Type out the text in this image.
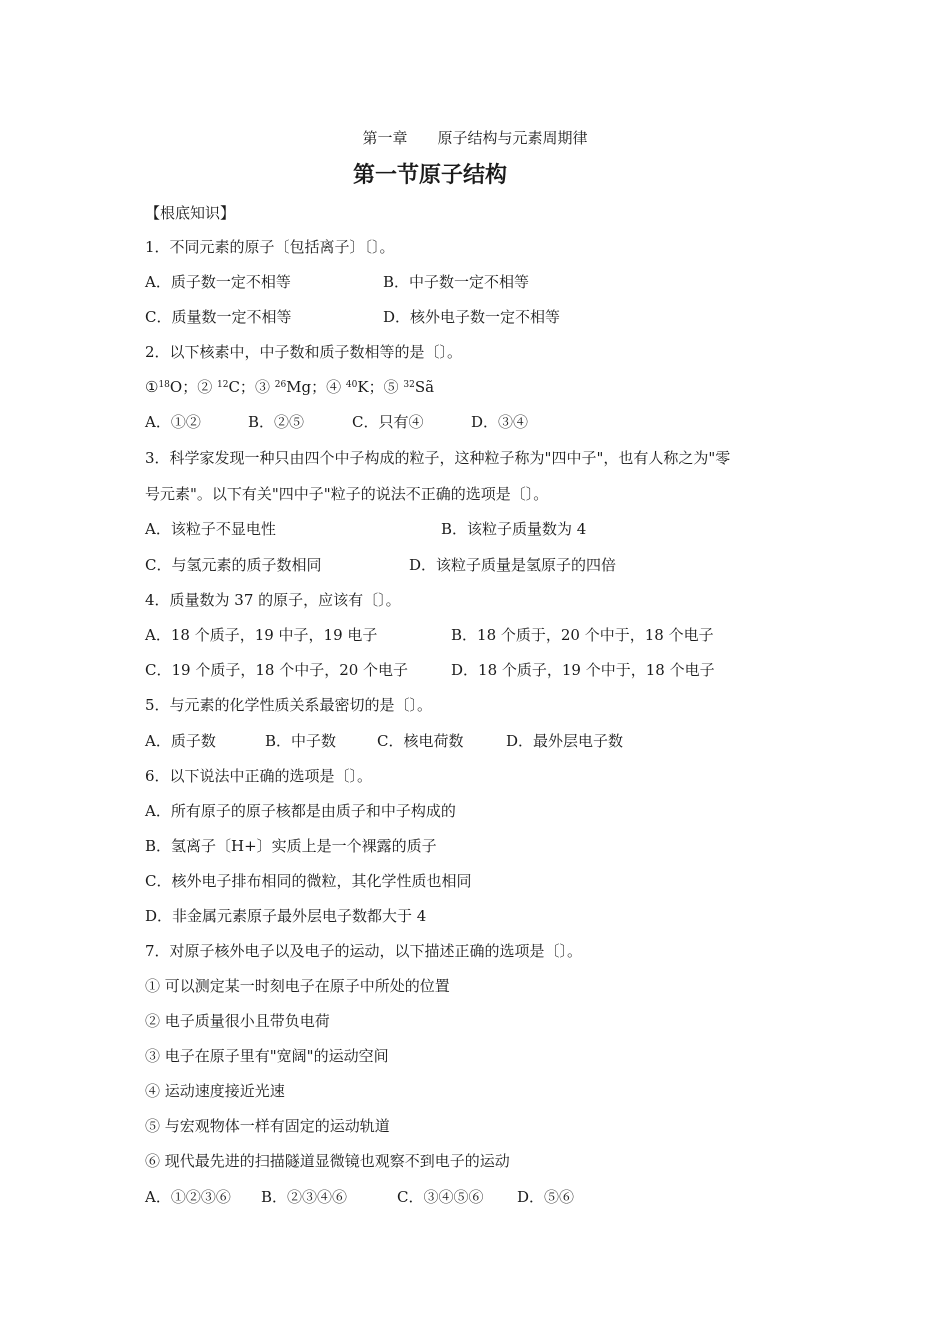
第一章 原子结构与元素周期律
第一节原子结构
【根底知识】
1．不同元素的原子〔包括离子〕〔〕。
A．质子数一定不相等	B．中子数一定不相等
C．质量数一定不相等	D．核外电子数一定不相等
2．以下核素中，中子数和质子数相等的是〔〕。
①$^{18}$O；② $^{12}$C；③ $^{26}$Mg；④ $^{40}$K；⑤ $^{32}$Sã
A．①②	B．②⑤	C．只有④	D．③④
3．科学家发现一种只由四个中子构成的粒子，这种粒子称为"四中子"，也有人称之为"零
号元素"。以下有关"四中子"粒子的说法不正确的选项是〔〕。
A．该粒子不显电性	B．该粒子质量数为 4
C．与氢元素的质子数相同	D．该粒子质量是氢原子的四倍
4．质量数为 37 的原子，应该有〔〕。
A．18 个质子，19 中子，19 电子	B．18 个质于，20 个中于，18 个电子
C．19 个质子，18 个中子，20 个电子	D．18 个质子，19 个中于，18 个电子
5．与元素的化学性质关系最密切的是〔〕。
A．质子数	B．中子数	C．核电荷数	D．最外层电子数
6．以下说法中正确的选项是〔〕。
A．所有原子的原子核都是由质子和中子构成的
B．氢离子〔H+〕实质上是一个裸露的质子
C．核外电子排布相同的微粒，其化学性质也相同
D．非金属元素原子最外层电子数都大于 4
7．对原子核外电子以及电子的运动，以下描述正确的选项是〔〕。
① 可以测定某一时刻电子在原子中所处的位置
② 电子质量很小且带负电荷
③ 电子在原子里有"宽阔"的运动空间
④ 运动速度接近光速
⑤ 与宏观物体一样有固定的运动轨道
⑥ 现代最先进的扫描隧道显微镜也观察不到电子的运动
A．①②③⑥ B．②③④⑥	C．③④⑤⑥ D．⑤⑥
